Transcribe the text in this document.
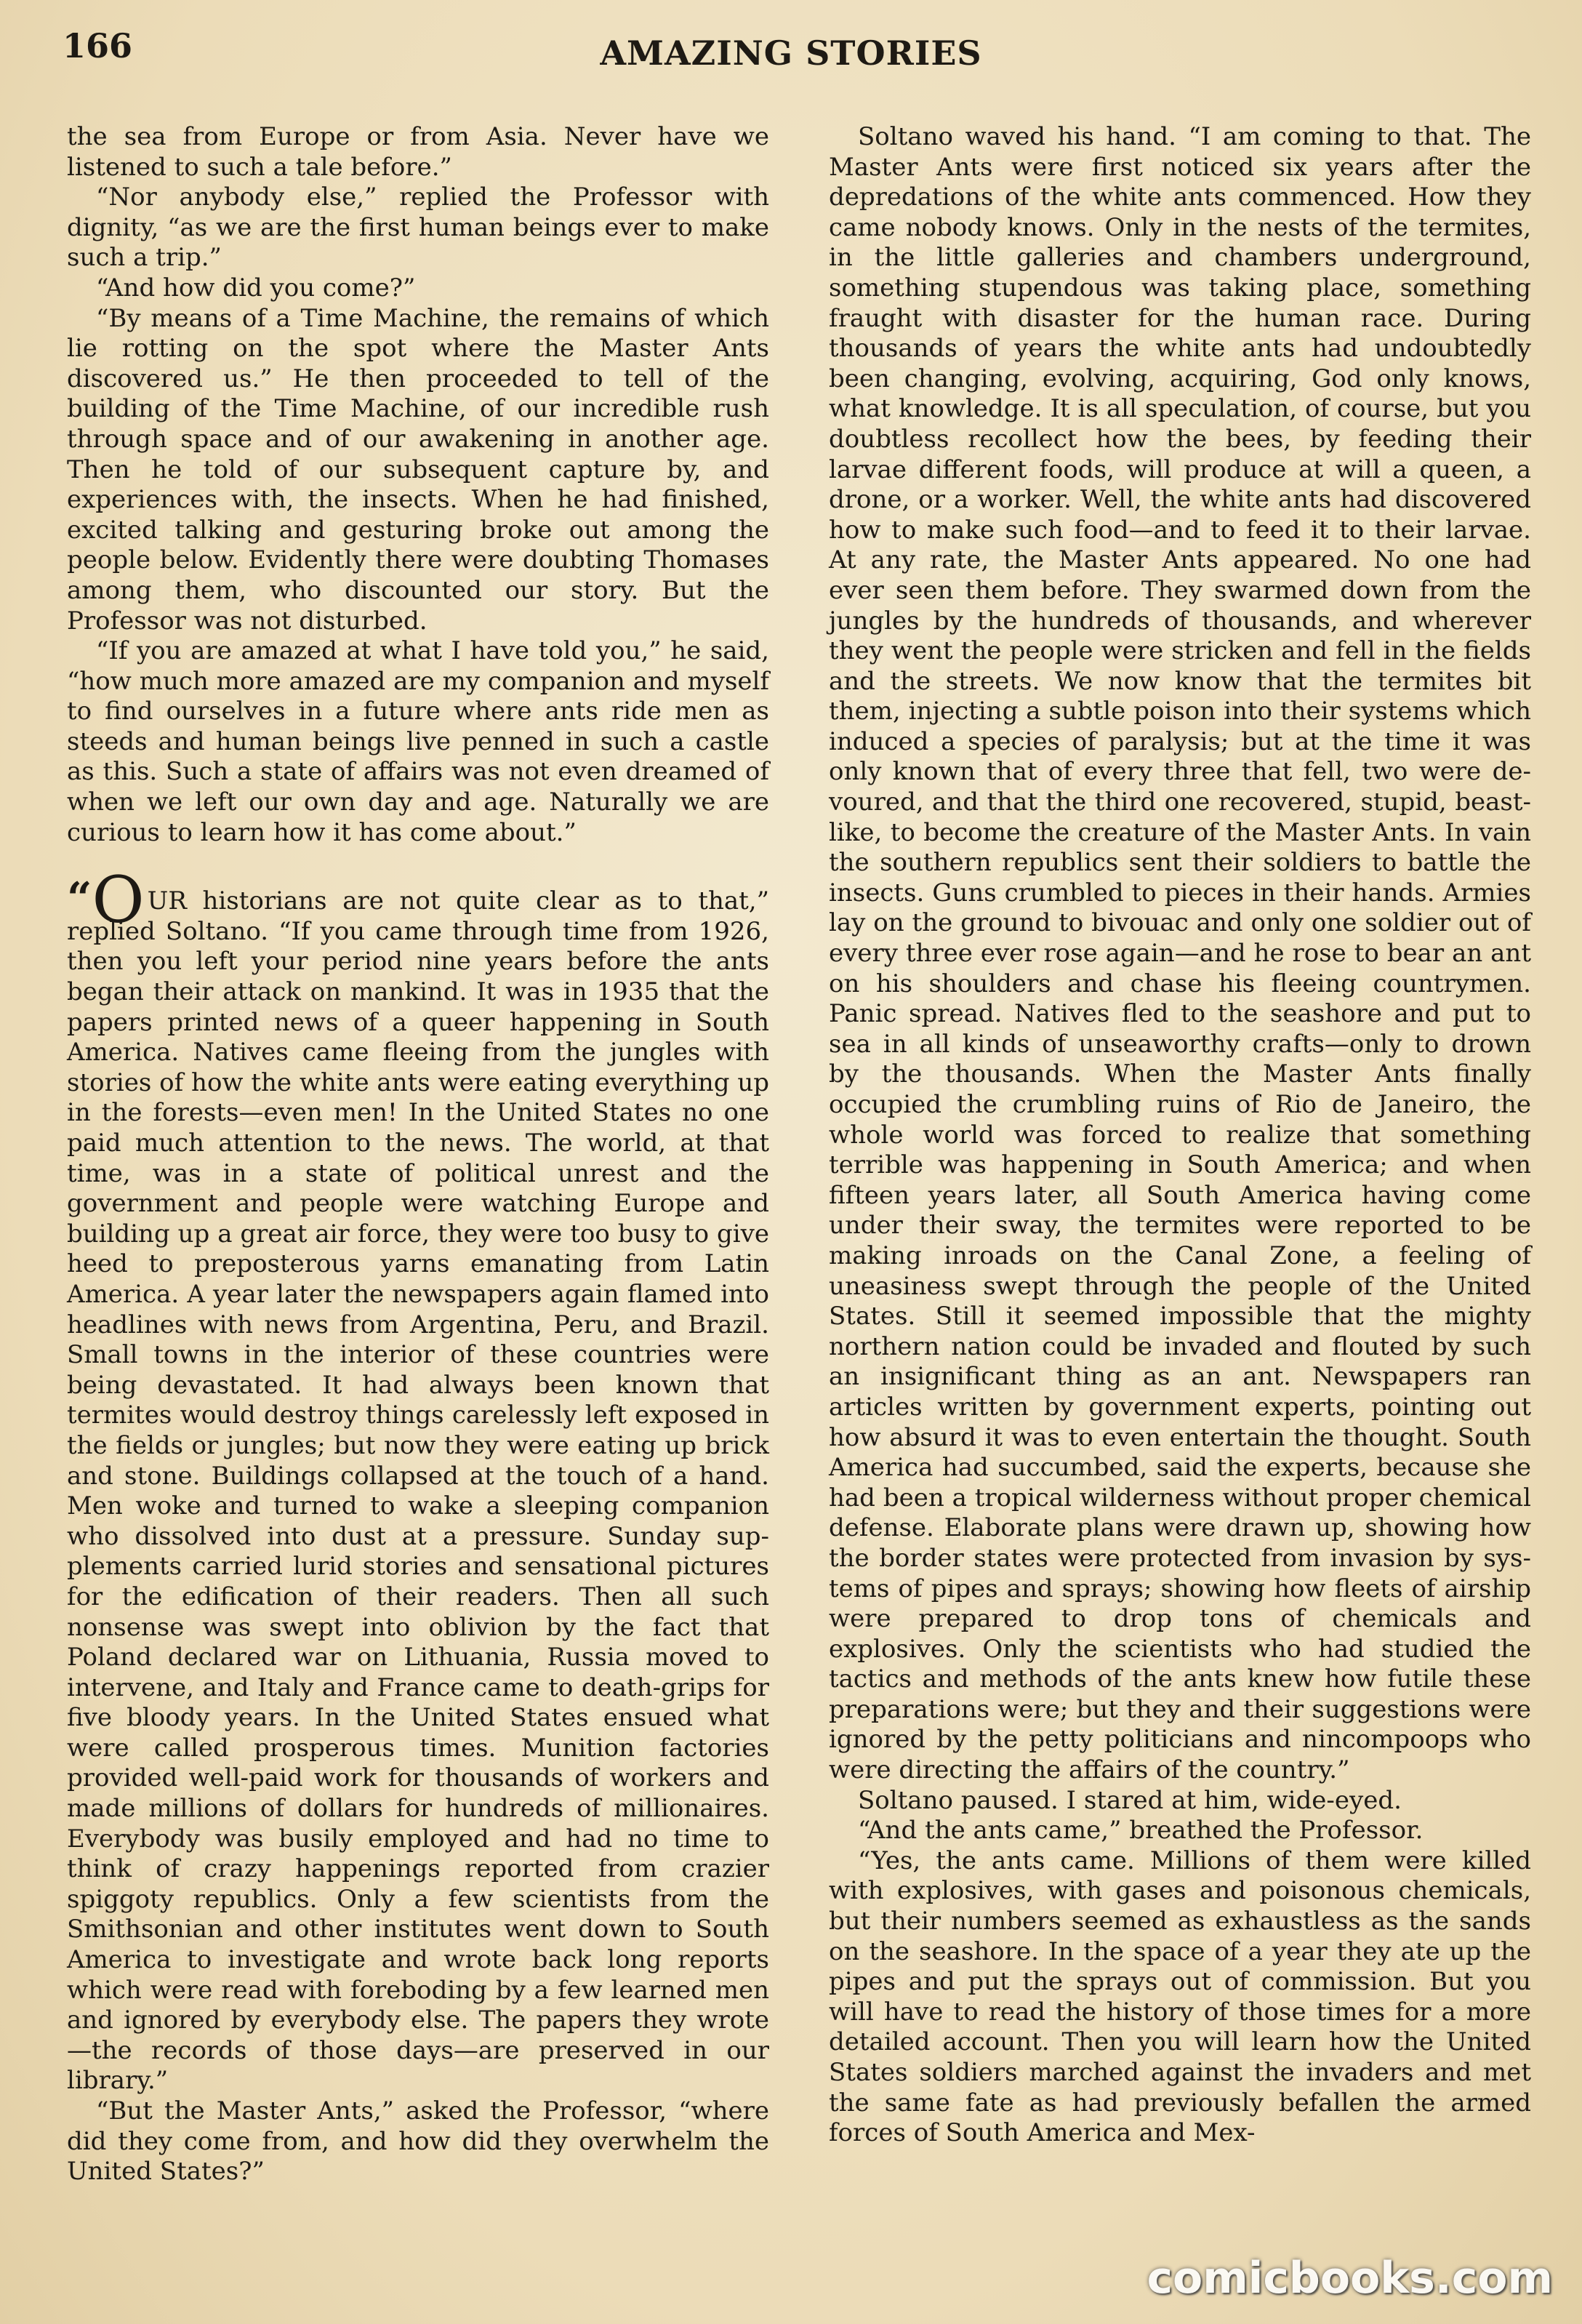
166	AMAZING STORIES

the sea from Europe or from Asia. Never have we listened to such a tale before.”

“Nor anybody else,” replied the Professor with dignity, “as we are the first human beings ever to make such a trip.”

“And how did you come?”

“By means of a Time Machine, the remains of which lie rotting on the spot where the Master Ants discovered us.” He then proceeded to tell of the building of the Time Machine, of our incredible rush through space and of our awakening in another age. Then he told of our subsequent capture by, and experiences with, the insects. When he had finished, excited talking and gesturing broke out among the people below. Evidently there were doubting Thomases among them, who discounted our story. But the Professor was not disturbed.

“If you are amazed at what I have told you,” he said, “how much more amazed are my companion and myself to find ourselves in a future where ants ride men as steeds and human beings live penned in such a castle as this. Such a state of affairs was not even dreamed of when we left our own day and age. Naturally we are curious to learn how it has come about.”

“O UR historians are not quite clear as to that,” replied Soltano. “If you came through time from 1926, then you left your period nine years before the ants began their attack on mankind. It was in 1935 that the papers printed news of a queer happening in South America. Natives came fleeing from the jungles with stories of how the white ants were eating everything up in the forests—even men! In the United States no one paid much attention to the news. The world, at that time, was in a state of political unrest and the government and people were watching Europe and building up a great air force, they were too busy to give heed to preposterous yarns emanating from Latin America. A year later the newspapers again flamed into headlines with news from Argentina, Peru, and Brazil. Small towns in the interior of these countries were being devastated. It had always been known that termites would destroy things carelessly left exposed in the fields or jungles; but now they were eating up brick and stone. Buildings collapsed at the touch of a hand. Men woke and turned to wake a sleeping companion who dissolved into dust at a pressure. Sunday supplements carried lurid stories and sensational pictures for the edification of their readers. Then all such nonsense was swept into oblivion by the fact that Poland declared war on Lithuania, Russia moved to intervene, and Italy and France came to death-grips for five bloody years. In the United States ensued what were called prosperous times. Munition factories provided well-paid work for thousands of workers and made millions of dollars for hundreds of millionaires. Everybody was busily employed and had no time to think of crazy happenings reported from crazier spiggoty republics. Only a few scientists from the Smithsonian and other institutes went down to South America to investigate and wrote back long reports which were read with foreboding by a few learned men and ignored by everybody else. The papers they wrote—the records of those days—are preserved in our library.”

“But the Master Ants,” asked the Professor, “where did they come from, and how did they overwhelm the United States?”

Soltano waved his hand. “I am coming to that. The Master Ants were first noticed six years after the depredations of the white ants commenced. How they came nobody knows. Only in the nests of the termites, in the little galleries and chambers underground, something stupendous was taking place, something fraught with disaster for the human race. During thousands of years the white ants had undoubtedly been changing, evolving, acquiring, God only knows, what knowledge. It is all speculation, of course, but you doubtless recollect how the bees, by feeding their larvae different foods, will produce at will a queen, a drone, or a worker. Well, the white ants had discovered how to make such food—and to feed it to their larvae. At any rate, the Master Ants appeared. No one had ever seen them before. They swarmed down from the jungles by the hundreds of thousands, and wherever they went the people were stricken and fell in the fields and the streets. We now know that the termites bit them, injecting a subtle poison into their systems which induced a species of paralysis; but at the time it was only known that of every three that fell, two were devoured, and that the third one recovered, stupid, beast-like, to become the creature of the Master Ants. In vain the southern republics sent their soldiers to battle the insects. Guns crumbled to pieces in their hands. Armies lay on the ground to bivouac and only one soldier out of every three ever rose again—and he rose to bear an ant on his shoulders and chase his fleeing countrymen. Panic spread. Natives fled to the seashore and put to sea in all kinds of unseaworthy crafts—only to drown by the thousands. When the Master Ants finally occupied the crumbling ruins of Rio de Janeiro, the whole world was forced to realize that something terrible was happening in South America; and when fifteen years later, all South America having come under their sway, the termites were reported to be making inroads on the Canal Zone, a feeling of uneasiness swept through the people of the United States. Still it seemed impossible that the mighty northern nation could be invaded and flouted by such an insignificant thing as an ant. Newspapers ran articles written by government experts, pointing out how absurd it was to even entertain the thought. South America had succumbed, said the experts, because she had been a tropical wilderness without proper chemical defense. Elaborate plans were drawn up, showing how the border states were protected from invasion by systems of pipes and sprays; showing how fleets of airship were prepared to drop tons of chemicals and explosives. Only the scientists who had studied the tactics and methods of the ants knew how futile these preparations were; but they and their suggestions were ignored by the petty politicians and nincompoops who were directing the affairs of the country.”

Soltano paused. I stared at him, wide-eyed.

“And the ants came,” breathed the Professor.

“Yes, the ants came. Millions of them were killed with explosives, with gases and poisonous chemicals, but their numbers seemed as exhaustless as the sands on the seashore. In the space of a year they ate up the pipes and put the sprays out of commission. But you will have to read the history of those times for a more detailed account. Then you will learn how the United States soldiers marched against the invaders and met the same fate as had previously befallen the armed forces of South America and Mex-

comicbooks.com
